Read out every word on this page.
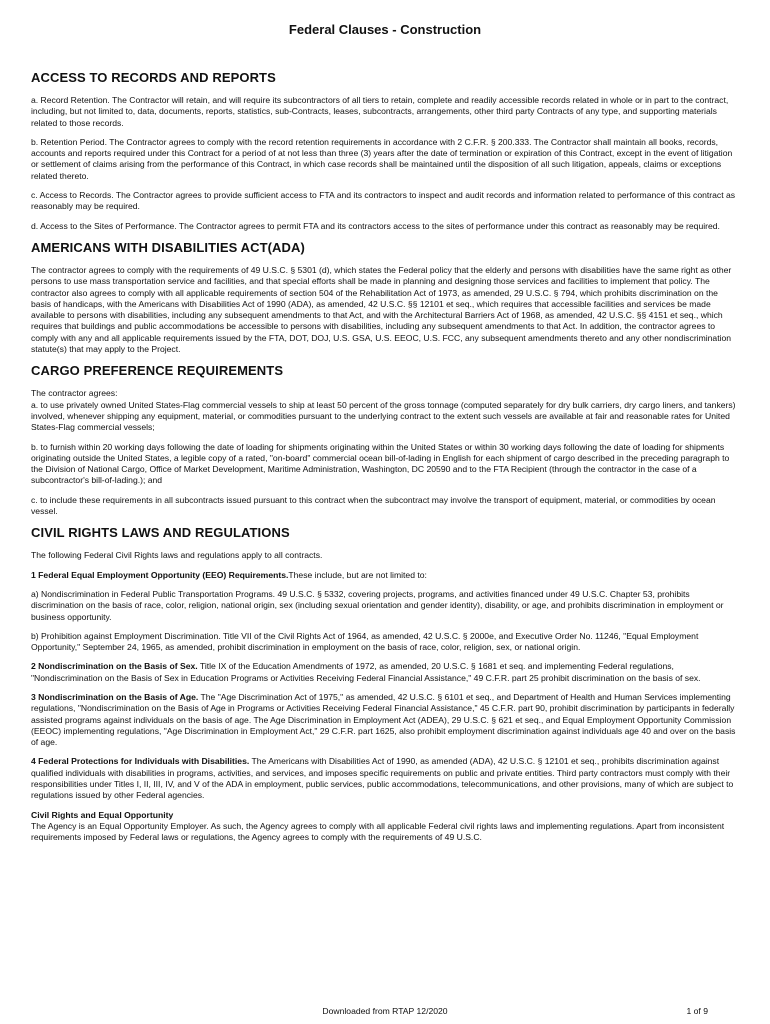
Federal Clauses - Construction
ACCESS TO RECORDS AND REPORTS

a. Record Retention. The Contractor will retain, and will require its subcontractors of all tiers to retain, complete and readily accessible records related in whole or in part to the contract, including, but not limited to, data, documents, reports, statistics, sub-Contracts, leases, subcontracts, arrangements, other third party Contracts of any type, and supporting materials related to those records.

b. Retention Period. The Contractor agrees to comply with the record retention requirements in accordance with 2 C.F.R. § 200.333. The Contractor shall maintain all books, records, accounts and reports required under this Contract for a period of at not less than three (3) years after the date of termination or expiration of this Contract, except in the event of litigation or settlement of claims arising from the performance of this Contract, in which case records shall be maintained until the disposition of all such litigation, appeals, claims or exceptions related thereto.

c. Access to Records. The Contractor agrees to provide sufficient access to FTA and its contractors to inspect and audit records and information related to performance of this contract as reasonably may be required.

d. Access to the Sites of Performance. The Contractor agrees to permit FTA and its contractors access to the sites of performance under this contract as reasonably may be required.

AMERICANS WITH DISABILITIES ACT(ADA)

The contractor agrees to comply with the requirements of 49 U.S.C. § 5301 (d), which states the Federal policy that the elderly and persons with disabilities have the same right as other persons to use mass transportation service and facilities, and that special efforts shall be made in planning and designing those services and facilities to implement that policy. The contractor also agrees to comply with all applicable requirements of section 504 of the Rehabilitation Act of 1973, as amended, 29 U.S.C. § 794, which prohibits discrimination on the basis of handicaps, with the Americans with Disabilities Act of 1990 (ADA), as amended, 42 U.S.C. §§ 12101 et seq., which requires that accessible facilities and services be made available to persons with disabilities, including any subsequent amendments to that Act, and with the Architectural Barriers Act of 1968, as amended, 42 U.S.C. §§ 4151 et seq., which requires that buildings and public accommodations be accessible to persons with disabilities, including any subsequent amendments to that Act. In addition, the contractor agrees to comply with any and all applicable requirements issued by the FTA, DOT, DOJ, U.S. GSA, U.S. EEOC, U.S. FCC, any subsequent amendments thereto and any other nondiscrimination statute(s) that may apply to the Project.

CARGO PREFERENCE REQUIREMENTS

The contractor agrees:

a. to use privately owned United States-Flag commercial vessels to ship at least 50 percent of the gross tonnage (computed separately for dry bulk carriers, dry cargo liners, and tankers) involved, whenever shipping any equipment, material, or commodities pursuant to the underlying contract to the extent such vessels are available at fair and reasonable rates for United States-Flag commercial vessels;

b. to furnish within 20 working days following the date of loading for shipments originating within the United States or within 30 working days following the date of loading for shipments originating outside the United States, a legible copy of a rated, "on-board" commercial ocean bill-of-lading in English for each shipment of cargo described in the preceding paragraph to the Division of National Cargo, Office of Market Development, Maritime Administration, Washington, DC 20590 and to the FTA Recipient (through the contractor in the case of a subcontractor's bill-of-lading.); and

c. to include these requirements in all subcontracts issued pursuant to this contract when the subcontract may involve the transport of equipment, material, or commodities by ocean vessel.

CIVIL RIGHTS LAWS AND REGULATIONS

The following Federal Civil Rights laws and regulations apply to all contracts.

1 Federal Equal Employment Opportunity (EEO) Requirements.These include, but are not limited to:

a) Nondiscrimination in Federal Public Transportation Programs. 49 U.S.C. § 5332, covering projects, programs, and activities financed under 49 U.S.C. Chapter 53, prohibits discrimination on the basis of race, color, religion, national origin, sex (including sexual orientation and gender identity), disability, or age, and prohibits discrimination in employment or business opportunity.

b) Prohibition against Employment Discrimination. Title VII of the Civil Rights Act of 1964, as amended, 42 U.S.C. § 2000e, and Executive Order No. 11246, "Equal Employment Opportunity," September 24, 1965, as amended, prohibit discrimination in employment on the basis of race, color, religion, sex, or national origin.

2 Nondiscrimination on the Basis of Sex. Title IX of the Education Amendments of 1972, as amended, 20 U.S.C. § 1681 et seq. and implementing Federal regulations, "Nondiscrimination on the Basis of Sex in Education Programs or Activities Receiving Federal Financial Assistance," 49 C.F.R. part 25 prohibit discrimination on the basis of sex.

3 Nondiscrimination on the Basis of Age. The "Age Discrimination Act of 1975," as amended, 42 U.S.C. § 6101 et seq., and Department of Health and Human Services implementing regulations, "Nondiscrimination on the Basis of Age in Programs or Activities Receiving Federal Financial Assistance," 45 C.F.R. part 90, prohibit discrimination by participants in federally assisted programs against individuals on the basis of age. The Age Discrimination in Employment Act (ADEA), 29 U.S.C. § 621 et seq., and Equal Employment Opportunity Commission (EEOC) implementing regulations, "Age Discrimination in Employment Act," 29 C.F.R. part 1625, also prohibit employment discrimination against individuals age 40 and over on the basis of age.

4 Federal Protections for Individuals with Disabilities. The Americans with Disabilities Act of 1990, as amended (ADA), 42 U.S.C. § 12101 et seq., prohibits discrimination against qualified individuals with disabilities in programs, activities, and services, and imposes specific requirements on public and private entities. Third party contractors must comply with their responsibilities under Titles I, II, III, IV, and V of the ADA in employment, public services, public accommodations, telecommunications, and other provisions, many of which are subject to regulations issued by other Federal agencies.

Civil Rights and Equal Opportunity
The Agency is an Equal Opportunity Employer. As such, the Agency agrees to comply with all applicable Federal civil rights laws and implementing regulations. Apart from inconsistent requirements imposed by Federal laws or regulations, the Agency agrees to comply with the requirements of 49 U.S.C.

Downloaded from RTAP 12/2020	1 of 9
